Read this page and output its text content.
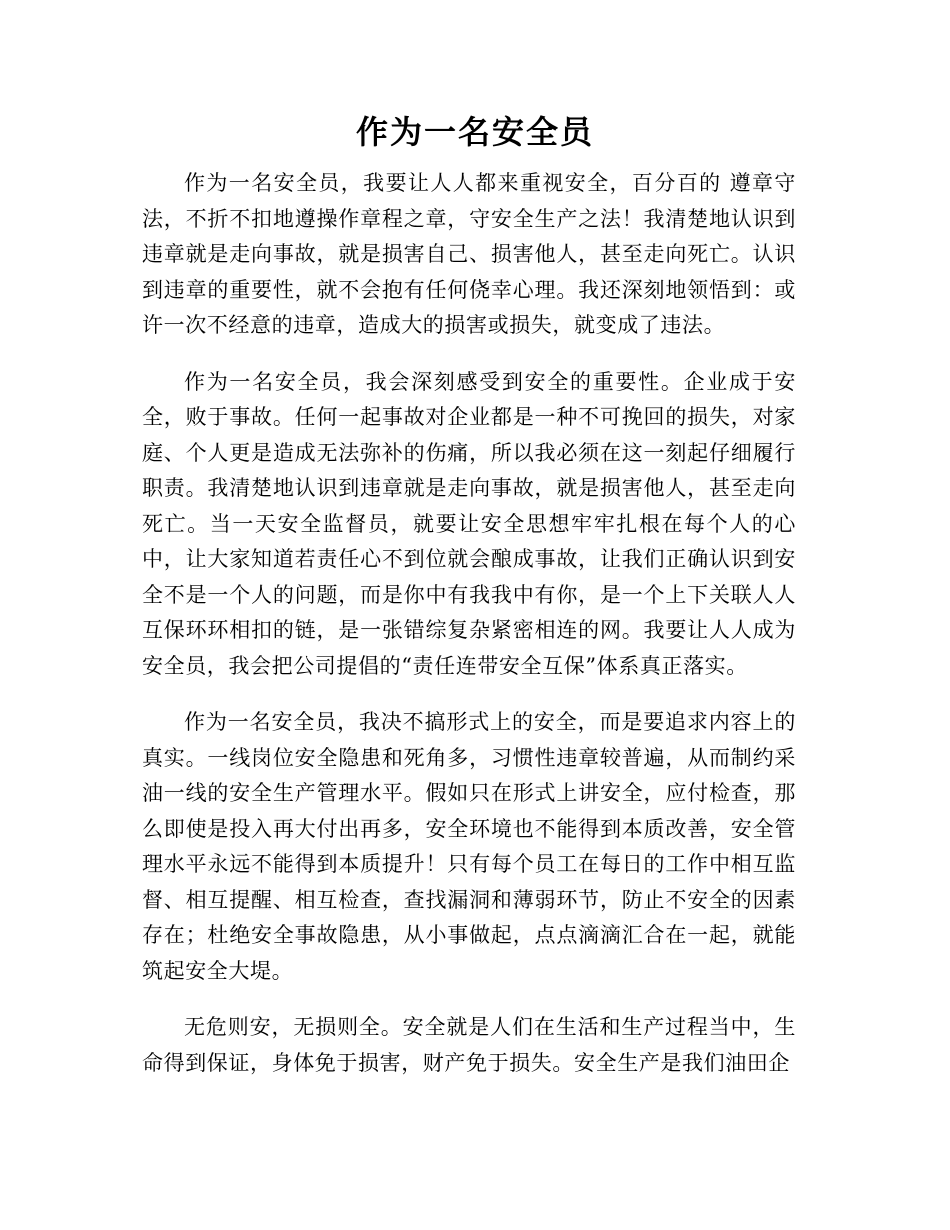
作为一名安全员

作为一名安全员，我要让人人都来重视安全，百分百的 遵章守法，不折不扣地遵操作章程之章，守安全生产之法！我清楚地认识到违章就是走向事故，就是损害自己、损害他人，甚至走向死亡。认识到违章的重要性，就不会抱有任何侥幸心理。我还深刻地领悟到：或许一次不经意的违章，造成大的损害或损失，就变成了违法。

作为一名安全员，我会深刻感受到安全的重要性。企业成于安全，败于事故。任何一起事故对企业都是一种不可挽回的损失，对家庭、个人更是造成无法弥补的伤痛，所以我必须在这一刻起仔细履行职责。我清楚地认识到违章就是走向事故，就是损害他人，甚至走向死亡。当一天安全监督员，就要让安全思想牢牢扎根在每个人的心中，让大家知道若责任心不到位就会酿成事故，让我们正确认识到安全不是一个人的问题，而是你中有我我中有你，是一个上下关联人人互保环环相扣的链，是一张错综复杂紧密相连的网。我要让人人成为安全员，我会把公司提倡的“责任连带安全互保”体系真正落实。

作为一名安全员，我决不搞形式上的安全，而是要追求内容上的真实。一线岗位安全隐患和死角多，习惯性违章较普遍，从而制约采油一线的安全生产管理水平。假如只在形式上讲安全，应付检查，那么即使是投入再大付出再多，安全环境也不能得到本质改善，安全管理水平永远不能得到本质提升！只有每个员工在每日的工作中相互监督、相互提醒、相互检查，查找漏洞和薄弱环节，防止不安全的因素存在；杜绝安全事故隐患，从小事做起，点点滴滴汇合在一起，就能筑起安全大堤。

无危则安，无损则全。安全就是人们在生活和生产过程当中，生命得到保证，身体免于损害，财产免于损失。安全生产是我们油田企
